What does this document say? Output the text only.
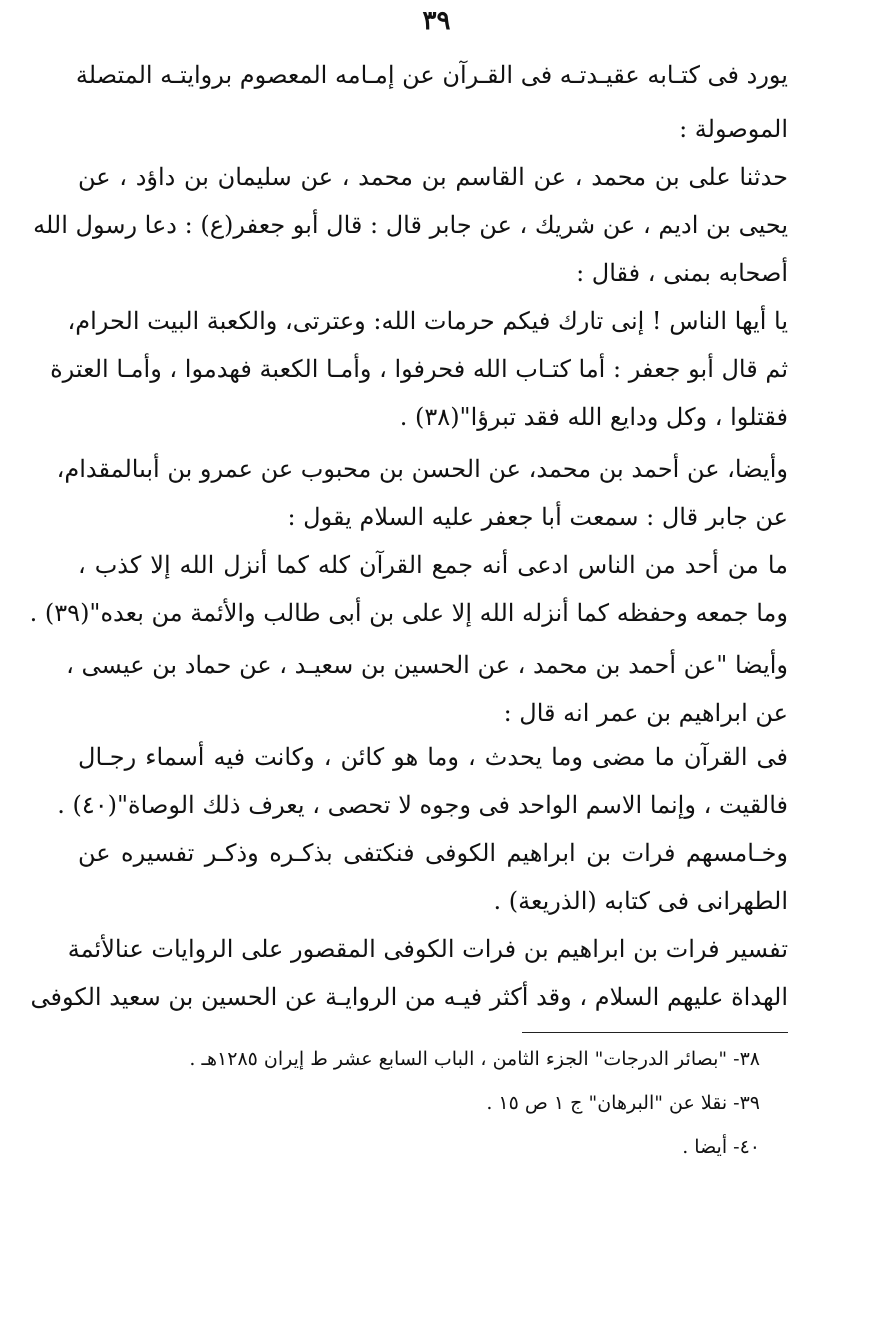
٣٩
يورد فى كتـابه عقيـدتـه فى القـرآن عن إمـامه المعصوم بروايتـه المتصلة
الموصولة :
حدثنا على بن محمد ، عن القاسم بن محمد ، عن سليمان بن داؤد ، عن
يحيى بن اديم ، عن شريك ، عن جابر قال : قال أبو جعفر(ع) : دعا رسول الله
أصحابه بمنى ، فقال :
يا أيها الناس ! إنى تارك فيكم حرمات الله: وعترتى، والكعبة البيت الحرام،
ثم قال أبو جعفر : أما كتـاب الله فحرفوا ، وأمـا الكعبة فهدموا ، وأمـا العترة
فقتلوا ، وكل ودايع الله فقد تبرؤا"(٣٨) .
وأيضا، عن أحمد بن محمد، عن الحسن بن محبوب عن عمرو بن أبىالمقدام،
عن جابر قال : سمعت أبا جعفر عليه السلام يقول :
ما من أحد من الناس ادعى أنه جمع القرآن كله كما أنزل الله إلا كذب ،
وما جمعه وحفظه كما أنزله الله إلا على بن أبى طالب والأئمة من بعده"(٣٩) .
وأيضا "عن أحمد بن محمد ، عن الحسين بن سعيـد ، عن حماد بن عيسى ،
عن ابراهيم بن عمر انه قال :
فى القرآن ما مضى وما يحدث ، وما هو كائن ، وكانت فيه أسماء رجـال
فالقيت ، وإنما الاسم الواحد فى وجوه لا تحصى ، يعرف ذلك الوصاة"(٤٠) .
وخـامسهم فرات بن ابراهيم الكوفى فنكتفى بذكـره وذكـر تفسيره عن
الطهرانى فى كتابه (الذريعة) .
تفسير فرات بن ابراهيم بن فرات الكوفى المقصور على الروايات عنالأئمة
الهداة عليهم السلام ، وقد أكثر فيـه من الروايـة عن الحسين بن سعيد الكوفى
٣٨- "بصائر الدرجات" الجزء الثامن ، الباب السابع عشر ط إيران ١٢٨٥هـ .
٣٩- نقلا عن "البرهان" ج ١ ص ١٥ .
٤٠- أيضا .
